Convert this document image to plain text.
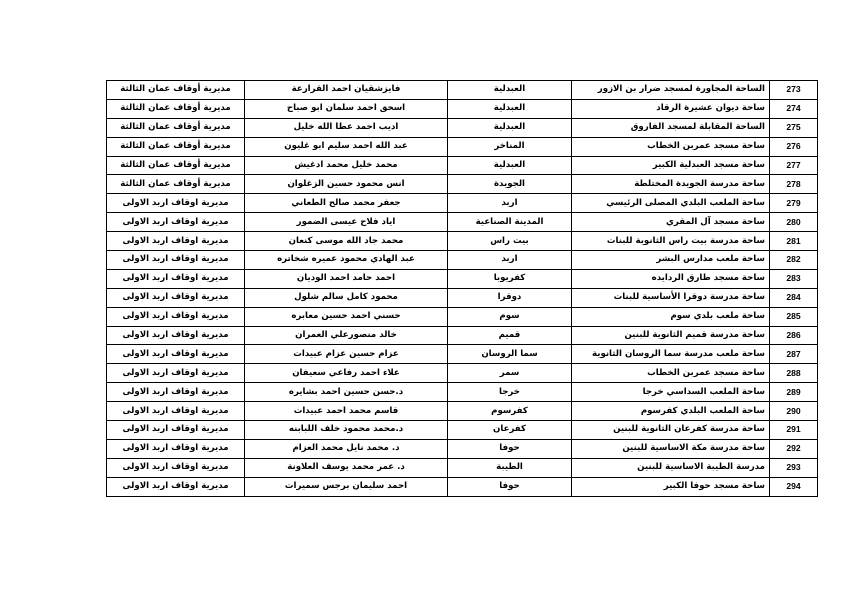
273	الساحة المجاورة لمسجد ضرار بن الازور	العبدلية	فايزشقيان احمد القرارعة	مديرية أوقاف عمان الثالثة
274	ساحة ديوان عشيرة الرقاد	العبدلية	اسحق احمد سلمان ابو صباح	مديرية أوقاف عمان الثالثة
275	الساحة المقابلة لمسجد الفاروق	العبدلية	اديب احمد عطا الله خليل	مديرية أوقاف عمان الثالثة
276	ساحة مسجد عمربن الخطاب	المناخر	عبد الله احمد سليم ابو غليون	مديرية أوقاف عمان الثالثة
277	ساحة مسجد العبدلية الكبير	العبدلية	محمد خليل محمد ادغيش	مديرية أوقاف عمان الثالثة
278	ساحة مدرسة الجويدة المختلطة	الجويدة	انس محمود حسين الزغلوان	مديرية أوقاف عمان الثالثة
279	ساحة الملعب البلدي المصلى الرئيسي	اربد	جعفر محمد صالح الطعاني	مديرية اوقاف اربد الاولى
280	ساحة مسجد آل المقري	المدينة الصناعية	اياد فلاح عيسى الضمور	مديرية اوقاف اربد الاولى
281	ساحة مدرسة بيت راس الثانوية للبنات	بيت راس	محمد جاد الله موسى كنعان	مديرية اوقاف اربد الاولى
282	ساحة ملعب مدارس البشر	اربد	عبد الهادي محمود عميره شخاتره	مديرية اوقاف اربد الاولى
283	ساحة مسجد طارق الردايده	كفريوبا	احمد حامد احمد الوديان	مديرية اوقاف اربد الاولى
284	ساحة مدرسة دوقرا الأساسية للبنات	دوقرا	محمود كامل سالم شلول	مديرية اوقاف اربد الاولى
285	ساحة ملعب بلدي سوم	سوم	حسني احمد حسين معابره	مديرية اوقاف اربد الاولى
286	ساحة مدرسة قميم الثانوية للبنين	قميم	خالد منصورعلي العمران	مديرية اوقاف اربد الاولى
287	ساحة ملعب مدرسة سما الروسان الثانوية	سما الروسان	عزام حسين عزام عبيدات	مديرية اوقاف اربد الاولى
288	ساحة مسجد عمربن الخطاب	سمر	علاء احمد رفاعي سعيفان	مديرية اوقاف اربد الاولى
289	ساحة الملعب السداسي خرجا	خرجا	د.حسن حسين احمد بشايره	مديرية اوقاف اربد الاولى
290	ساحة الملعب البلدي كفرسوم	كفرسوم	قاسم محمد احمد عبيدات	مديرية اوقاف اربد الاولى
291	ساحة مدرسة كفرعان الثانوية للبنين	كفرعان	د.محمد محمود خلف اللبابنه	مديرية اوقاف اربد الاولى
292	ساحة مدرسة مكة الاساسية للبنين	حوفا	د. محمد نايل محمد العزام	مديرية اوقاف اربد الاولى
293	مدرسة الطيبة الاساسية للبنين	الطيبة	د. عمر محمد يوسف العلاونة	مديرية اوقاف اربد الاولى
294	ساحة مسجد حوفا الكبير	حوفا	احمد سليمان برجس سميرات	مديرية اوقاف اربد الاولى
